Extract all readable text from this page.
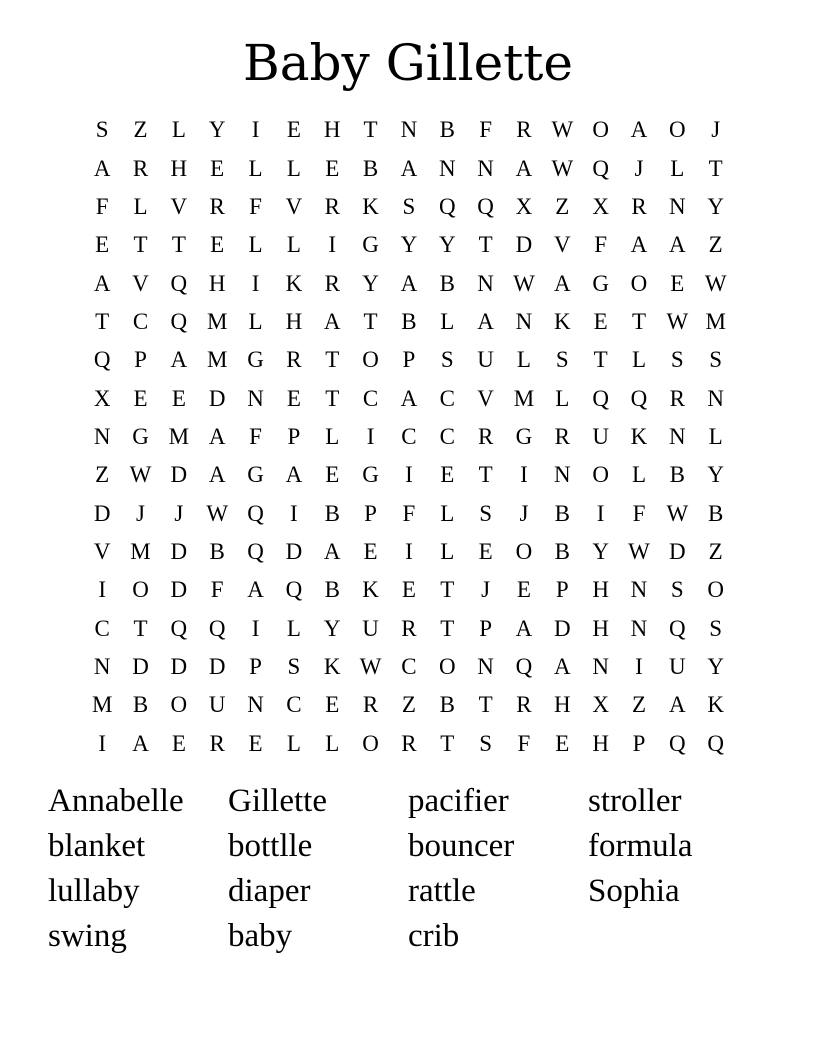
Baby Gillette
S	Z	L	Y	I	E	H	T	N B	F	R W O A O	J
A R H	E	L	L	E	B A N N A W Q	J	L	T
F	L	V R	F	V R K	S	Q Q X	Z	X R N Y
E	T	T	E	L	L	I	G Y Y	T	D V	F	A A	Z
A V Q H	I	K R Y A B N W A G O	E W
T	C Q M L	H A	T	B	L	A N K	E	T W M
Q	P	A M G R	T	O	P	S	U	L	S	T	L	S	S
X	E	E	D N	E	T	C A C V M L	Q Q R N
N G M A	F	P	L	I	C	C	R G R U K N	L
Z W D A G A	E	G	I	E	T	I	N O	L	B Y
D	J	J	W Q	I	B	P	F	L	S	J	B	I	F W B
V M D B Q D A	E	I	L	E	O B Y W D	Z
I	O D	F	A Q B K	E	T	J	E	P	H N	S	O
C	T	Q Q	I	L	Y U R	T	P	A D H N Q	S
N D D D	P	S	K W C O N Q A N	I	U Y
M B O U N C	E	R	Z	B	T	R H X	Z	A K
I	A	E	R	E	L	L	O R	T	S	F	E	H	P	Q Q
Annabelle	Gillette	pacifier	stroller
blanket	bottlle	bouncer	formula
lullaby	diaper	rattle	Sophia
swing	baby	crib
